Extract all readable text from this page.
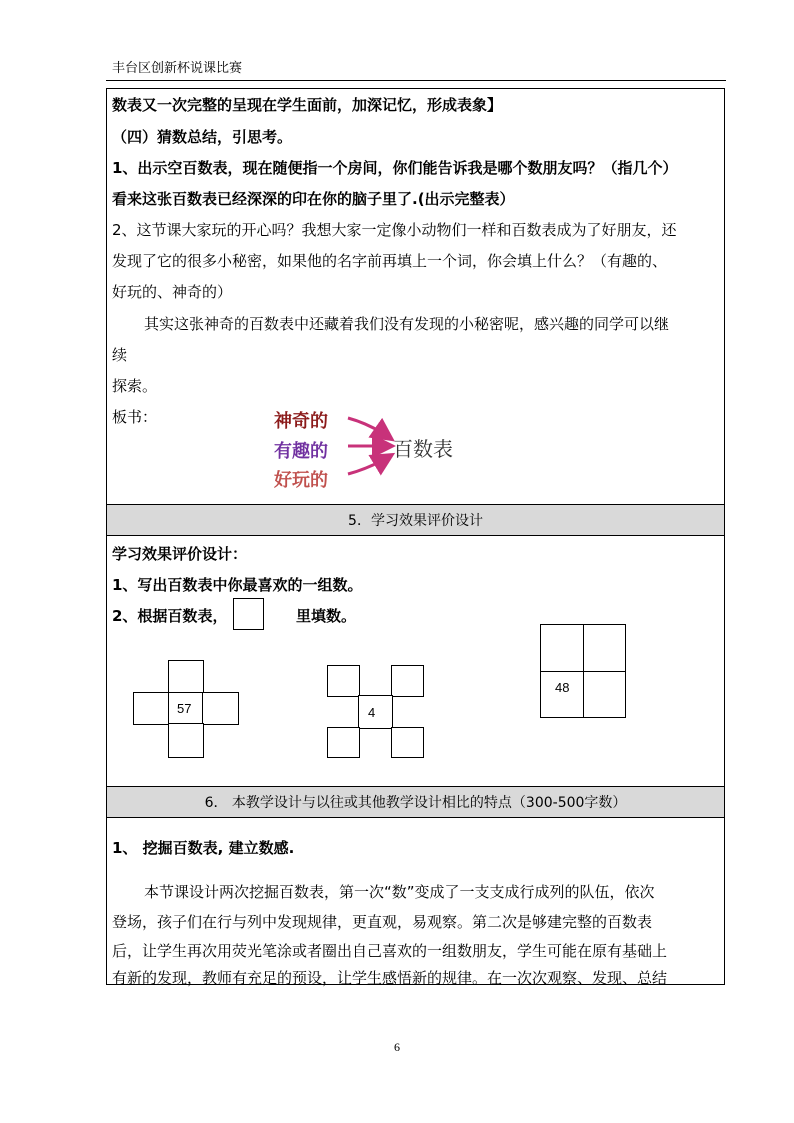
丰台区创新杯说课比赛
数表又一次完整的呈现在学生面前，加深记忆，形成表象】
（四）猜数总结，引思考。
1、出示空百数表，现在随便指一个房间，你们能告诉我是哪个数朋友吗？（指几个）
看来这张百数表已经深深的印在你的脑子里了.(出示完整表）
2、这节课大家玩的开心吗？我想大家一定像小动物们一样和百数表成为了好朋友，还
发现了它的很多小秘密，如果他的名字前再填上一个词，你会填上什么？（有趣的、
好玩的、神奇的）
其实这张神奇的百数表中还藏着我们没有发现的小秘密呢，感兴趣的同学可以继
续
探索。
板书：	神奇的
有趣的
好玩的
百数表
5．学习效果评价设计
学习效果评价设计：
1、写出百数表中你最喜欢的一组数。
2、根据百数表，	里填数。
57	4
48
6． 本教学设计与以往或其他教学设计相比的特点（300-500字数）
1、 挖掘百数表, 建立数感.
本节课设计两次挖掘百数表，第一次“数”变成了一支支成行成列的队伍，依次
登场，孩子们在行与列中发现规律，更直观，易观察。第二次是够建完整的百数表
后，让学生再次用荧光笔涂或者圈出自己喜欢的一组数朋友，学生可能在原有基础上
有新的发现，教师有充足的预设，让学生感悟新的规律。在一次次观察、发现、总结
6
